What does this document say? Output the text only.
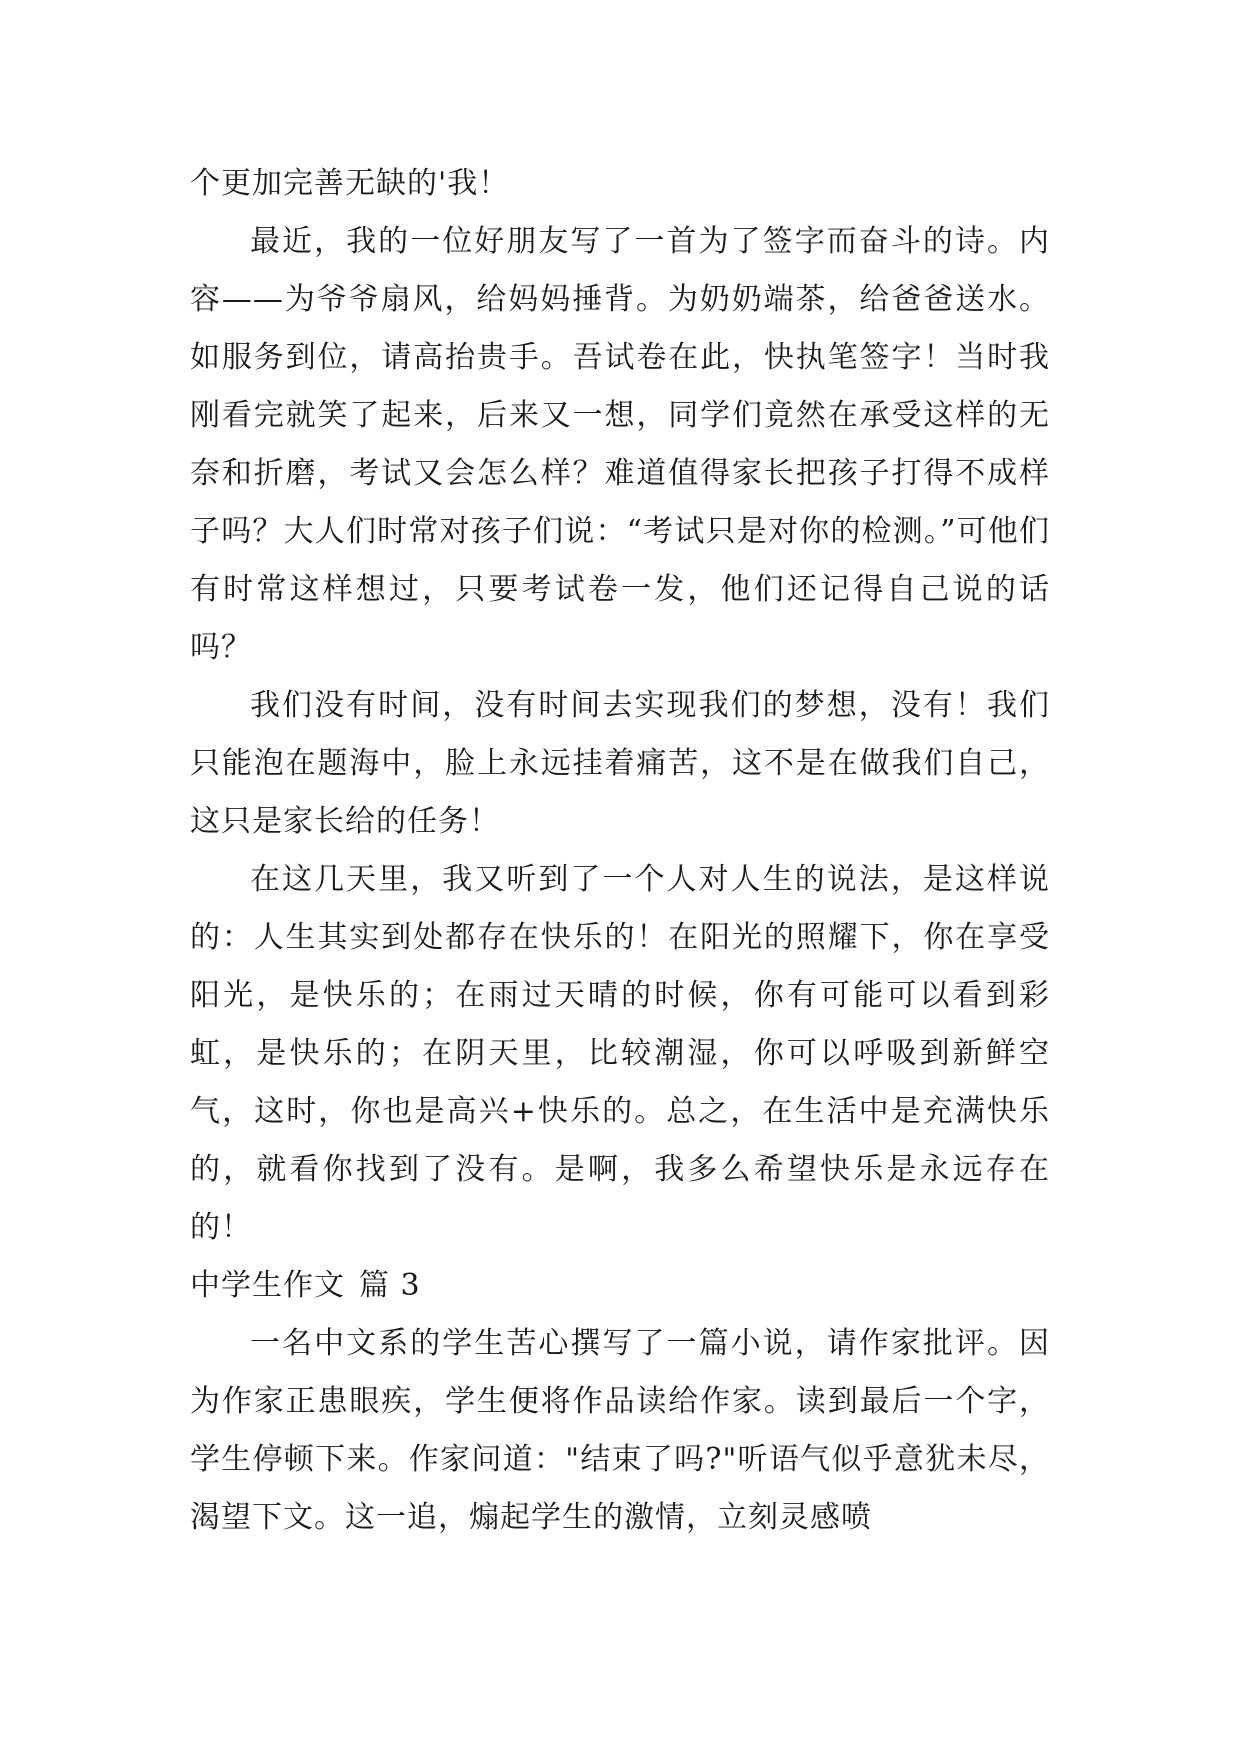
个更加完善无缺的'我！

最近，我的一位好朋友写了一首为了签字而奋斗的诗。内容——为爷爷扇风，给妈妈捶背。为奶奶端茶，给爸爸送水。如服务到位，请高抬贵手。吾试卷在此，快执笔签字！当时我刚看完就笑了起来，后来又一想，同学们竟然在承受这样的无奈和折磨，考试又会怎么样？难道值得家长把孩子打得不成样子吗？大人们时常对孩子们说：“考试只是对你的检测。”可他们有时常这样想过，只要考试卷一发，他们还记得自己说的话吗？

我们没有时间，没有时间去实现我们的梦想，没有！我们只能泡在题海中，脸上永远挂着痛苦，这不是在做我们自己，这只是家长给的任务！

在这几天里，我又听到了一个人对人生的说法，是这样说的：人生其实到处都存在快乐的！在阳光的照耀下，你在享受阳光，是快乐的；在雨过天晴的时候，你有可能可以看到彩虹，是快乐的；在阴天里，比较潮湿，你可以呼吸到新鲜空气，这时，你也是高兴+快乐的。总之，在生活中是充满快乐的，就看你找到了没有。是啊，我多么希望快乐是永远存在的！

中学生作文 篇 3

一名中文系的学生苦心撰写了一篇小说，请作家批评。因为作家正患眼疾，学生便将作品读给作家。读到最后一个字，学生停顿下来。作家问道："结束了吗?"听语气似乎意犹未尽，渴望下文。这一追，煽起学生的激情，立刻灵感喷
